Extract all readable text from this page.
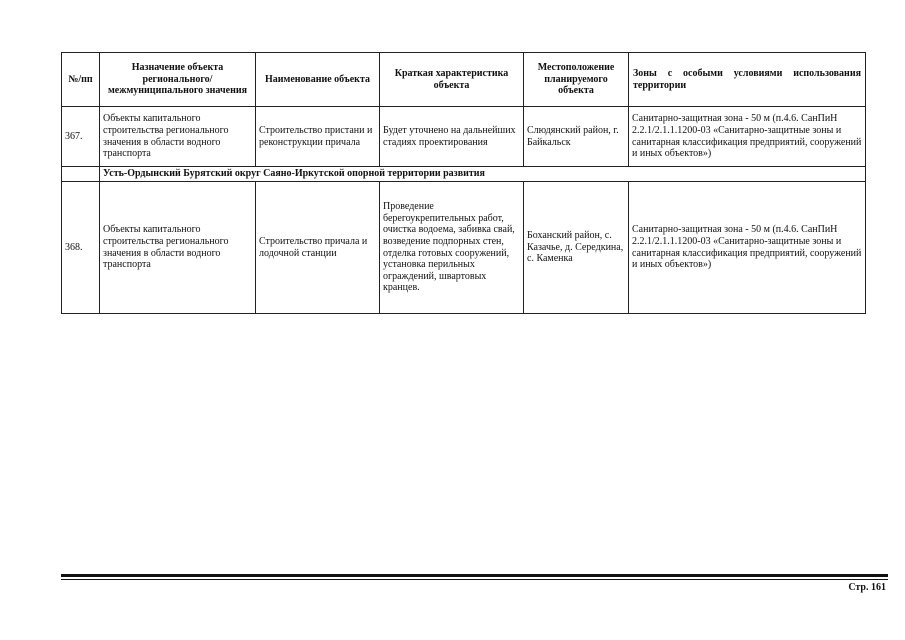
№/пп	Назначение объекта регионального/ межмуниципального значения	Наименование объекта	Краткая характеристика объекта	Местоположение планируемого объекта	Зоны с особыми условиями использования территории
367.	Объекты капитального строительства регионального значения в области водного транспорта	Строительство пристани и реконструкции причала	Будет уточнено на дальнейших стадиях проектирования	Слюдянский район, г. Байкальск	Санитарно-защитная зона - 50 м (п.4.6. СанПиН 2.2.1/2.1.1.1200-03 «Санитарно-защитные зоны и санитарная классификация предприятий, сооружений и иных объектов»)
	Усть-Ордынский Бурятский округ Саяно-Иркутской опорной территории развития				
368.	Объекты капитального строительства регионального значения в области водного транспорта	Строительство причала и лодочной станции	Проведение берегоукрепительных работ, очистка водоема, забивка свай, возведение подпорных стен, отделка готовых сооружений, установка перильных ограждений, швартовых кранцев.	Боханский район, с. Казачье, д. Середкина, с. Каменка	Санитарно-защитная зона - 50 м (п.4.6. СанПиН 2.2.1/2.1.1.1200-03 «Санитарно-защитные зоны и санитарная классификация предприятий, сооружений и иных объектов»)
Стр. 161
